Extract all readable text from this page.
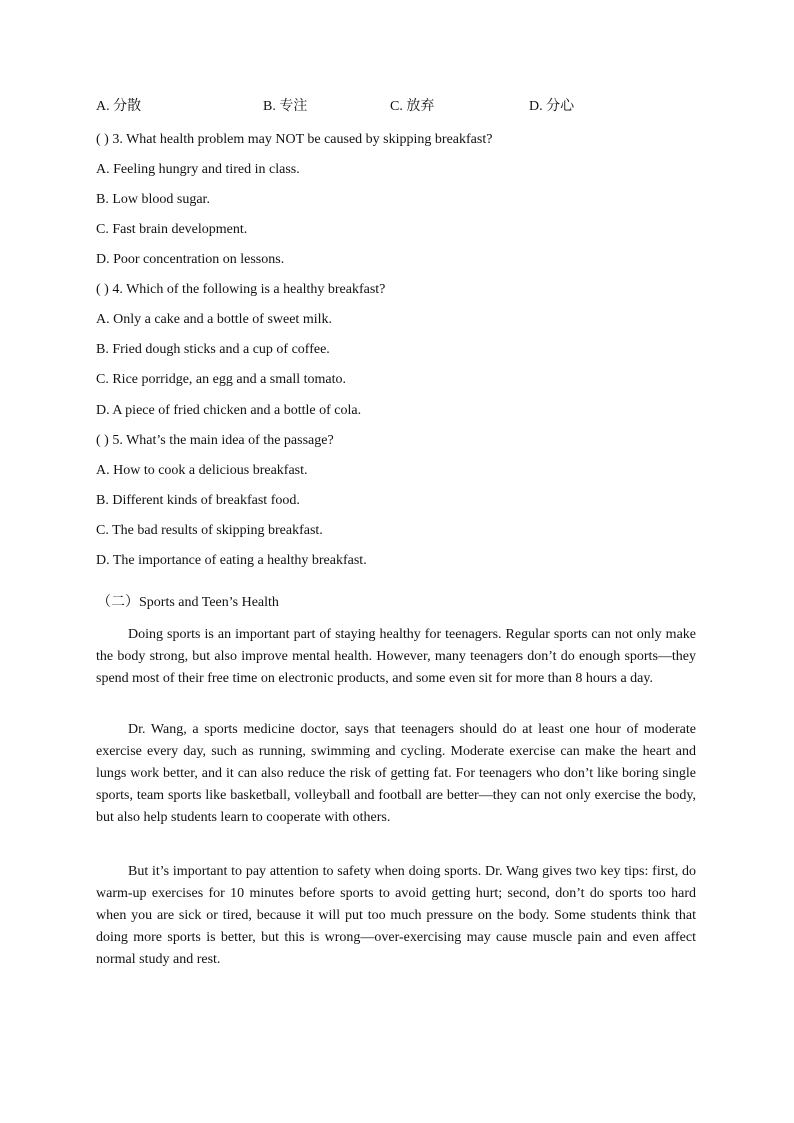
A. 分散	B. 专注	C. 放弃	D. 分心
( ) 3. What health problem may NOT be caused by skipping breakfast?
A. Feeling hungry and tired in class.
B. Low blood sugar.
C. Fast brain development.
D. Poor concentration on lessons.
( ) 4. Which of the following is a healthy breakfast?
A. Only a cake and a bottle of sweet milk.
B. Fried dough sticks and a cup of coffee.
C. Rice porridge, an egg and a small tomato.
D. A piece of fried chicken and a bottle of cola.
( ) 5. What’s the main idea of the passage?
A. How to cook a delicious breakfast.
B. Different kinds of breakfast food.
C. The bad results of skipping breakfast.
D. The importance of eating a healthy breakfast.
（二）Sports and Teen’s Health

Doing sports is an important part of staying healthy for teenagers. Regular sports can not only make the body strong, but also improve mental health. However, many teenagers don’t do enough sports—they spend most of their free time on electronic products, and some even sit for more than 8 hours a day.

Dr. Wang, a sports medicine doctor, says that teenagers should do at least one hour of moderate exercise every day, such as running, swimming and cycling. Moderate exercise can make the heart and lungs work better, and it can also reduce the risk of getting fat. For teenagers who don’t like boring single sports, team sports like basketball, volleyball and football are better—they can not only exercise the body, but also help students learn to cooperate with others.

But it’s important to pay attention to safety when doing sports. Dr. Wang gives two key tips: first, do warm-up exercises for 10 minutes before sports to avoid getting hurt; second, don’t do sports too hard when you are sick or tired, because it will put too much pressure on the body. Some students think that doing more sports is better, but this is wrong—over-exercising may cause muscle pain and even affect normal study and rest.
